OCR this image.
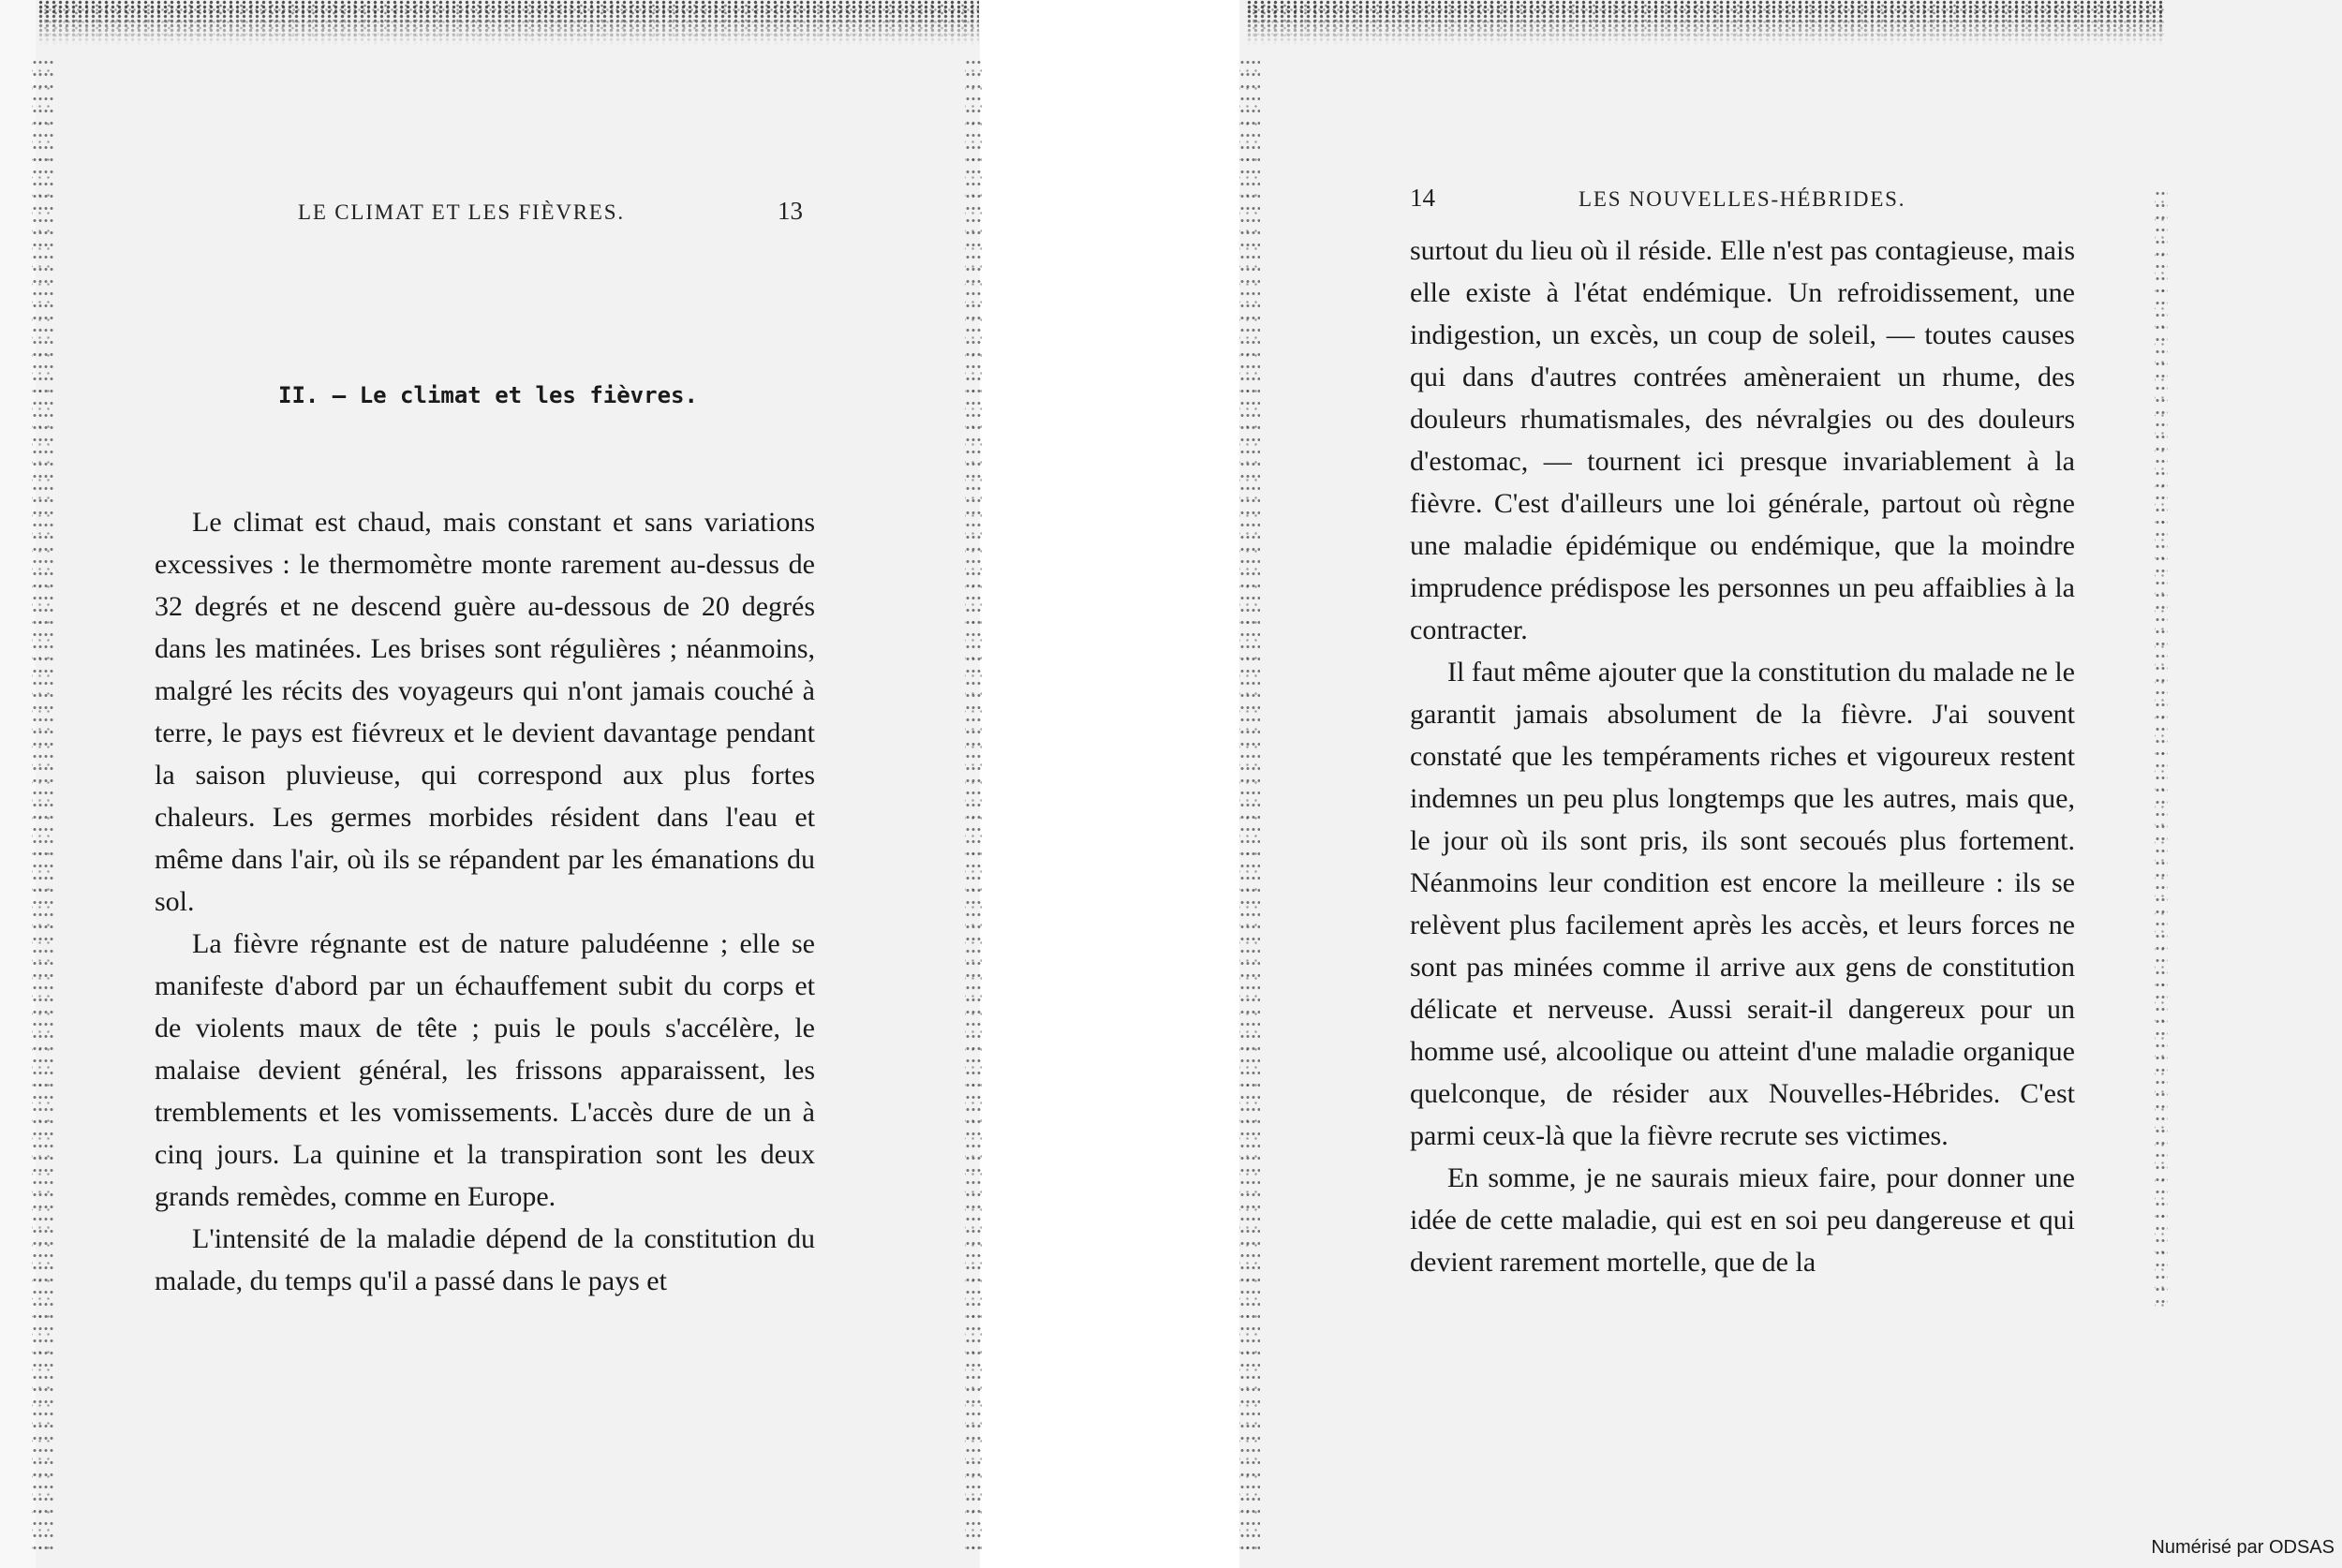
LE CLIMAT ET LES FIÈVRES.	13
II. — Le climat et les fièvres.

Le climat est chaud, mais constant et sans variations excessives : le thermomètre monte rarement au-dessus de 32 degrés et ne descend guère au-dessous de 20 degrés dans les matinées. Les brises sont régulières ; néanmoins, malgré les récits des voyageurs qui n'ont jamais couché à terre, le pays est fiévreux et le devient davantage pendant la saison pluvieuse, qui correspond aux plus fortes chaleurs. Les germes morbides résident dans l'eau et même dans l'air, où ils se répandent par les émanations du sol.

La fièvre régnante est de nature paludéenne ; elle se manifeste d'abord par un échauffement subit du corps et de violents maux de tête ; puis le pouls s'accélère, le malaise devient général, les frissons apparaissent, les tremblements et les vomissements. L'accès dure de un à cinq jours. La quinine et la transpiration sont les deux grands remèdes, comme en Europe.

L'intensité de la maladie dépend de la constitution du malade, du temps qu'il a passé dans le pays et

14	LES NOUVELLES-HÉBRIDES.

surtout du lieu où il réside. Elle n'est pas contagieuse, mais elle existe à l'état endémique. Un refroidissement, une indigestion, un excès, un coup de soleil, — toutes causes qui dans d'autres contrées amèneraient un rhume, des douleurs rhumatismales, des névralgies ou des douleurs d'estomac, — tournent ici presque invariablement à la fièvre. C'est d'ailleurs une loi générale, partout où règne une maladie épidémique ou endémique, que la moindre imprudence prédispose les personnes un peu affaiblies à la contracter.

Il faut même ajouter que la constitution du malade ne le garantit jamais absolument de la fièvre. J'ai souvent constaté que les tempéraments riches et vigoureux restent indemnes un peu plus longtemps que les autres, mais que, le jour où ils sont pris, ils sont secoués plus fortement. Néanmoins leur condition est encore la meilleure : ils se relèvent plus facilement après les accès, et leurs forces ne sont pas minées comme il arrive aux gens de constitution délicate et nerveuse. Aussi serait-il dangereux pour un homme usé, alcoolique ou atteint d'une maladie organique quelconque, de résider aux Nouvelles-Hébrides. C'est parmi ceux-là que la fièvre recrute ses victimes.

En somme, je ne saurais mieux faire, pour donner une idée de cette maladie, qui est en soi peu dangereuse et qui devient rarement mortelle, que de la

Numérisé par ODSAS
